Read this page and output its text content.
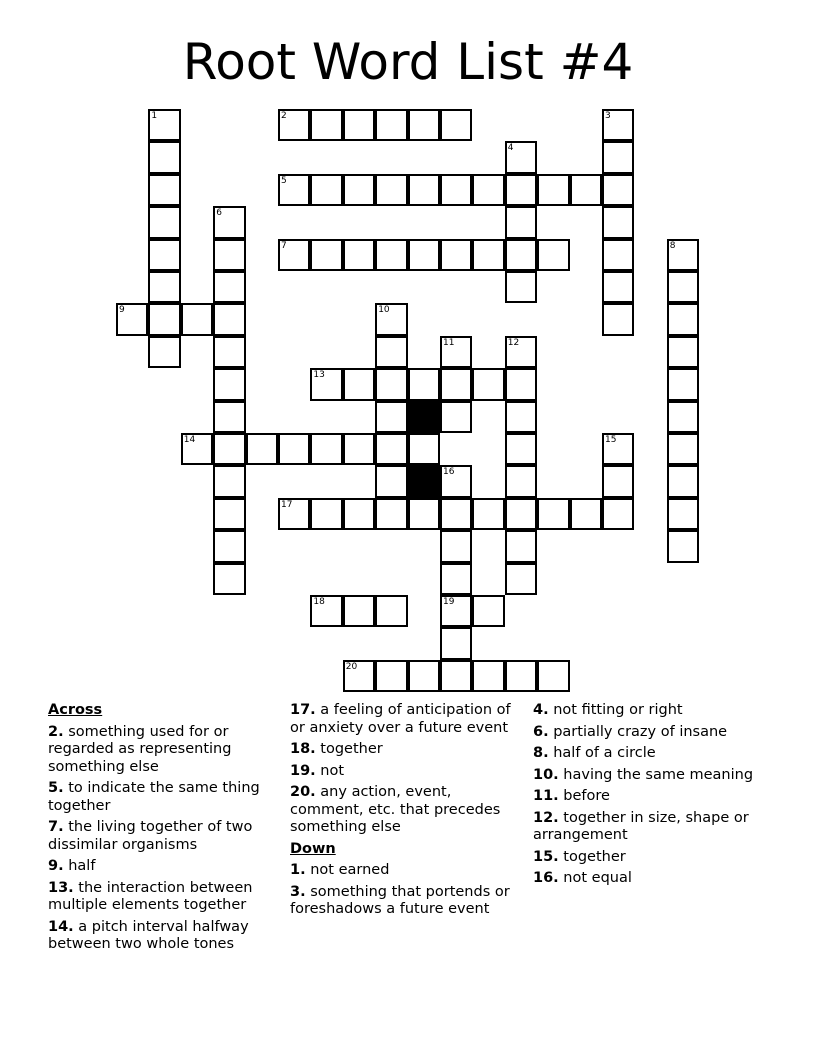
Root Word List #4
1	2	3
4
5
6
7	8
9	10
11	12
13
14	15
16
19
17
18
20
Across
2. something used for or regarded as representing something else
5. to indicate the same thing together
7. the living together of two dissimilar organisms
9. half
13. the interaction between multiple elements together
14. a pitch interval halfway between two whole tones
17. a feeling of anticipation of or anxiety over a future event
18. together
19. not
20. any action, event, comment, etc. that precedes something else
Down
1. not earned
3. something that portends or foreshadows a future event
4. not fitting or right
6. partially crazy of insane
8. half of a circle
10. having the same meaning
11. before
12. together in size, shape or arrangement
15. together
16. not equal
